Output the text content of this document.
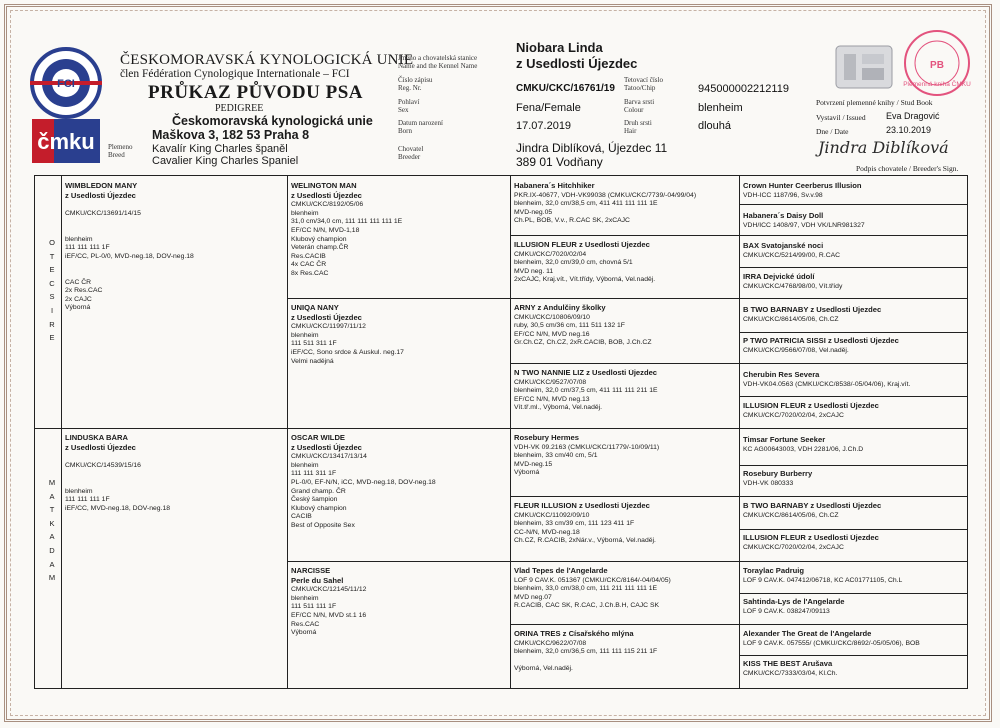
FCI
čmku
ČESKOMORAVSKÁ KYNOLOGICKÁ UNIE
člen Fédération Cynologique Internationale – FCI
PRŮKAZ PŮVODU PSA
PEDIGREE
Českomoravská kynologická unie
Maškova 3, 182 53 Praha 8
Plemeno
Breed	Kavalír King Charles španěl
Cavalier King Charles Spaniel
Jméno a chovatelská stanice
Name and the Kennel Name
Niobara Linda
z Usedlosti Újezdec
Číslo zápisu
Reg. Nr.	CMKU/CKC/16761/19
Tetovací číslo
Tatoo/Chip	945000002212119
Pohlaví
Sex	Fena/Female	Barva srsti
Colour	blenheim
Datum narození
Born	17.07.2019	Druh srsti
Hair	dlouhá
Chovatel
Breeder
Jindra Diblíková, Újezdec 11
389 01 Vodňany
PB
Plemenná kniha ČMKU
Potvrzení plemenné knihy / Stud Book
Vystavil / Issued Eva Dragović
Dne / Date	23.10.2019
Jindra Diblíková
Podpis chovatele / Breeder's Sign.
O
T
E
C
S
I
R
E
M
A
T
K
A
D
A
M
WIMBLEDON MANY
z Usedlosti Újezdec

CMKU/CKC/13691/14/15

blenheim
111 111 111 1F
iEF/CC, PL-0/0, MVD-neg.18, DOV-neg.18

CAC ČR
2x Res.CAC
2x CAJC
Výborná
LINDUŠKA BÁRA
z Usedlosti Újezdec

CMKU/CKC/14539/15/16

blenheim
111 111 111 1F
iEF/CC, MVD-neg.18, DOV-neg.18
WELINGTON MAN
z Usedlosti Újezdec
CMKU/CKC/8192/05/06
blenheim
31,0 cm/34,0 cm, 111 111 111 111 1E
EF/CC N/N, MVD-1,18
Klubový champion
Veterán champ.ČR
Res.CACIB
4x CAC ČR
8x Res.CAC
UNIQA NANY
z Usedlosti Újezdec
CMKU/CKC/11997/11/12
blenheim
111 511 311 1F
iEF/CC, Sono srdce & Auskul. neg.17
Velmi nadějná
OSCAR WILDE
z Usedlosti Újezdec
CMKU/CKC/13417/13/14
blenheim
111 111 311 1F
PL-0/0, EF-N/N, iCC, MVD-neg.18, DOV-neg.18
Grand champ. ČR
Český šampion
Klubový champion
CACIB
Best of Opposite Sex
NARCISSE
Perle du Sahel
CMKU/CKC/12145/11/12
blenheim
111 511 111 1F
EF/CC N/N, MVD st.1 16
Res.CAC
Výborná
Habanera´s Hitchhiker
PKR.IX-40677, VDH-VK99038 (CMKU/CKC/7739/-04/99/04)
blenheim, 32,0 cm/38,5 cm, 411 411 111 111 1E
MVD-neg.05
Ch.PL, BOB, V.v., R.CAC SK, 2xCAJC
ILLUSION FLEUR z Usedlosti Újezdec
CMKU/CKC/7020/02/04
blenheim, 32,0 cm/39,0 cm, chovná 5/1
MVD neg. 11
2xCAJC, Kraj.vít., Vít.třídy, Výborná, Vel.naděj.
ARNY z Andulčiny školky
CMKU/CKC/10806/09/10
ruby, 30,5 cm/36 cm, 111 511 132 1F
EF/CC N/N, MVD neg.16
Gr.Ch.CZ, Ch.CZ, 2xR.CACIB, BOB, J.Ch.CZ
N TWO NANNIE LIZ z Usedlosti Újezdec
CMKU/CKC/9527/07/08
blenheim, 32,0 cm/37,5 cm, 411 111 111 211 1E
EF/CC N/N, MVD neg.13
Vít.tř.ml., Výborná, Vel.naděj.
Rosebury Hermes
VDH-VK 09.2163 (CMKU/CKC/11779/-10/09/11)
blenheim, 33 cm/40 cm, 5/1
MVD-neg.15
Výborná
FLEUR ILLUSION z Usedlosti Újezdec
CMKU/CKC/11092/09/10
blenheim, 33 cm/39 cm, 111 123 411 1F
CC-N/N, MVD-neg.18
Ch.CZ, R.CACIB, 2xNár.v., Výborná, Vel.naděj.
Vlad Tepes de l'Angelarde
LOF 9 CAV.K. 051367 (CMKU/CKC/8164/-04/04/05)
blenheim, 33,0 cm/38,0 cm, 111 211 111 111 1E
MVD neg.07
R.CACIB, CAC SK, R.CAC, J.Ch.B.H, CAJC SK
ORINA TRES z Císařského mlýna
CMKU/CKC/9622/07/08
blenheim, 32,0 cm/36,5 cm, 111 111 115 211 1F

Výborná, Vel.naděj.
Crown Hunter Ceerberus Illusion
VDH-ICC 1187/96, Sv.v.98
Habanera´s Daisy Doll
VDH/ICC 1408/97, VDH VK/LNR981327
BAX Svatojanské noci
CMKU/CKC/5214/99/00, R.CAC
IRRA Dejvické údolí
CMKU/CKC/4768/98/00, Vít.třídy
B TWO BARNABY z Usedlosti Újezdec
CMKU/CKC/8614/05/06, Ch.CZ
P TWO PATRICIA SISSI z Usedlosti Újezdec
CMKU/CKC/9566/07/08, Vel.naděj.
Cherubin Res Severa
VDH-VK04.0563 (CMKU/CKC/8538/-05/04/06), Kraj.vít.
ILLUSION FLEUR z Usedlosti Újezdec
CMKU/CKC/7020/02/04, 2xCAJC
Timsar Fortune Seeker
KC AG00643003, VDH 2281/06, J.Ch.D
Rosebury Burberry
VDH-VK 080333
B TWO BARNABY z Usedlosti Újezdec
CMKU/CKC/8614/05/06, Ch.CZ
ILLUSION FLEUR z Usedlosti Újezdec
CMKU/CKC/7020/02/04, 2xCAJC
Toraylac Padruig
LOF 9 CAV.K. 047412/06718, KC AC01771105, Ch.L
Sahtinda-Lys de l'Angelarde
LOF 9 CAV.K. 038247/09113
Alexander The Great de l'Angelarde
LOF 9 CAV.K. 057555/ (CMKU/CKC/8692/-05/05/06), BOB
KISS THE BEST Arušava
CMKU/CKC/7333/03/04, Kl.Ch.
